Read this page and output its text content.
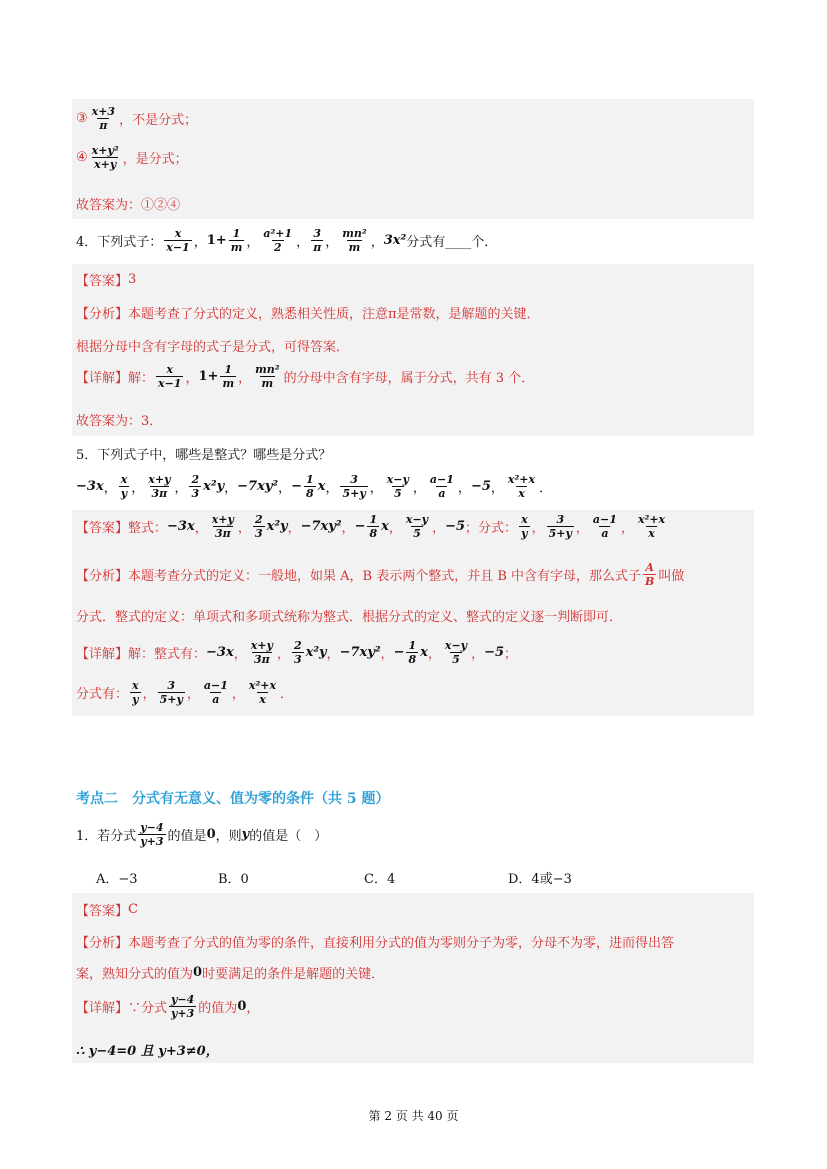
③ $\frac{x+3}{\pi}$ ，不是分式；
④ $\frac{\text{x+y²}}{x+y}$ ，是分式；
故答案为：①②④
4．下列式子： $\frac{x}{x-1}$ ， $1+ \frac{1}{m}$ ， $\frac{\text{a²+1}}{2}$ ， $\frac{3}{\pi}$ ， $\frac{\text{mn²}}{m}$ ， 3x² 分式有____个．
【答案】 3
【分析】 本题考查了分式的定义，熟悉相关性质，注意π是常数，是解题的关键．
根据分母中含有字母的式子是分式，可得答案．
【详解】 解： $\frac{x}{x-1}$ ， $1+ \frac{1}{m}$ ， $\frac{\text{mn²}}{m}$ 的分母中含有字母，属于分式，共有 3 个．
故答案为：3．
5．下列式子中，哪些是整式？哪些是分式？
−3x ， $\frac{x}{y}$ ， $\frac{x+y}{3\pi}$ ， $\frac{2}{3} x^2y$ ， −7xy² ， − $\frac{1}{8}$ x ， $\frac{3}{5+y}$ ， $\frac{x-y}{5}$ ， $\frac{a-1}{a}$ ， −5 ， $\frac{\text{x²+x}}{x}$ ．
【答案】 整式： −3x ， $\frac{x+y}{3\pi}$ ， $\frac{2}{3} x^2y$ ， −7xy² ， − $\frac{1}{8}$ x ， $\frac{x-y}{5}$ ， −5 ；分式： $\frac{x}{y}$ ， $\frac{3}{5+y}$ ， $\frac{a-1}{a}$ ， $\frac{\text{x²+x}}{x}$
【分析】 本题考查分式的定义：一般地，如果 A，B 表示两个整式，并且 B 中含有字母，那么式子 $\frac{A}{B}$ 叫做
分式．整式的定义：单项式和多项式统称为整式．根据分式的定义、整式的定义逐一判断即可．
【详解】 解：整式有： −3x ， $\frac{x+y}{3\pi}$ ， $\frac{2}{3} x^2y$ ， −7xy² ， − $\frac{1}{8}$ x ， $\frac{x-y}{5}$ ， −5 ；
分式有： $\frac{x}{y}$ ， $\frac{3}{5+y}$ ， $\frac{a-1}{a}$ ， $\frac{\text{x²+x}}{x}$ ．
考点二　分式有无意义、值为零的条件（共 5 题）
1．若分式 $\frac{y-4}{y+3}$ 的值是 0 ，则 y 的值是（　）
A．−3	B．0	C．4	D．4或−3
【答案】 C
【分析】 本题考查了分式的值为零的条件，直接利用分式的值为零则分子为零，分母不为零，进而得出答
案，熟知分式的值为 0 时要满足的条件是解题的关键．
【详解】 ∵分式 $\frac{y-4}{y+3}$ 的值为 0 ，
∴ y−4=0 且 y+3≠0，
第 2 页 共 40 页
